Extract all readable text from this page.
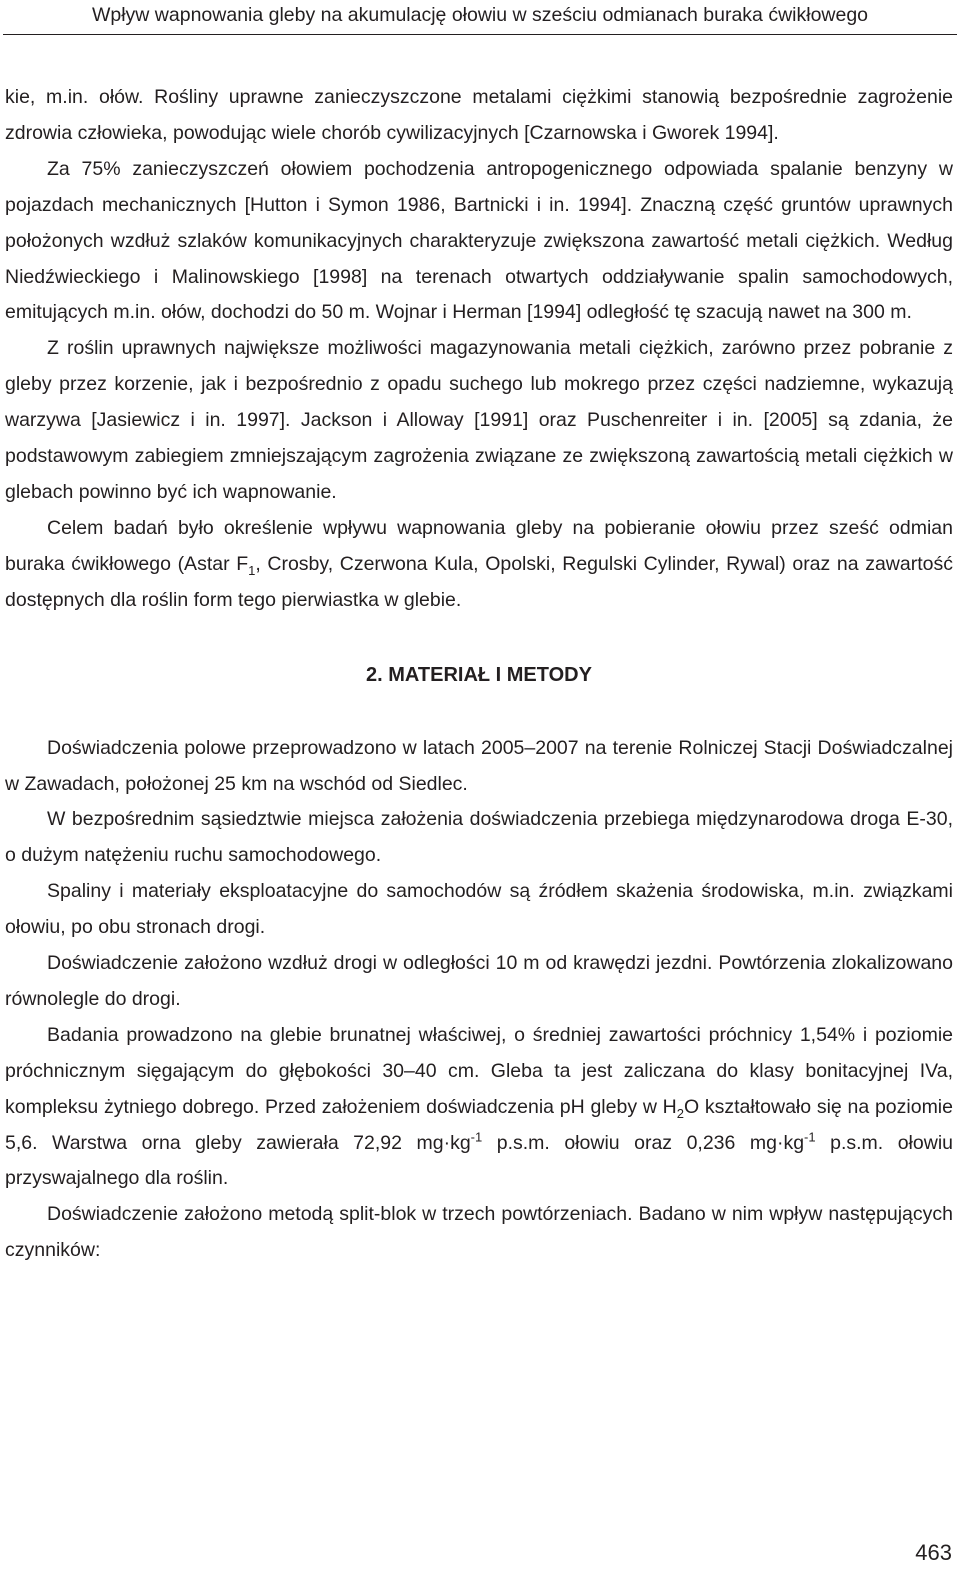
Wpływ wapnowania gleby na akumulację ołowiu w sześciu odmianach buraka ćwikłowego

kie, m.in. ołów. Rośliny uprawne zanieczyszczone metalami ciężkimi stanowią bezpośrednie zagrożenie zdrowia człowieka, powodując wiele chorób cywilizacyjnych [Czarnowska i Gworek 1994].

Za 75% zanieczyszczeń ołowiem pochodzenia antropogenicznego odpowiada spalanie benzyny w pojazdach mechanicznych [Hutton i Symon 1986, Bartnicki i in. 1994]. Znaczną część gruntów uprawnych położonych wzdłuż szlaków komunikacyjnych charakteryzuje zwiększona zawartość metali ciężkich. Według Niedźwieckiego i Malinowskiego [1998] na terenach otwartych oddziaływanie spalin samochodowych, emitujących m.in. ołów, dochodzi do 50 m. Wojnar i Herman [1994] odległość tę szacują nawet na 300 m.

Z roślin uprawnych największe możliwości magazynowania metali ciężkich, zarówno przez pobranie z gleby przez korzenie, jak i bezpośrednio z opadu suchego lub mokrego przez części nadziemne, wykazują warzywa [Jasiewicz i in. 1997]. Jackson i Alloway [1991] oraz Puschenreiter i in. [2005] są zdania, że podstawowym zabiegiem zmniejszającym zagrożenia związane ze zwiększoną zawartością metali ciężkich w glebach powinno być ich wapnowanie.

Celem badań było określenie wpływu wapnowania gleby na pobieranie ołowiu przez sześć odmian buraka ćwikłowego (Astar $F_1$, Crosby, Czerwona Kula, Opolski, Regulski Cylinder, Rywal) oraz na zawartość dostępnych dla roślin form tego pierwiastka w glebie.

2. MATERIAŁ I METODY

Doświadczenia polowe przeprowadzono w latach 2005–2007 na terenie Rolniczej Stacji Doświadczalnej w Zawadach, położonej 25 km na wschód od Siedlec.

W bezpośrednim sąsiedztwie miejsca założenia doświadczenia przebiega międzynarodowa droga E-30, o dużym natężeniu ruchu samochodowego.

Spaliny i materiały eksploatacyjne do samochodów są źródłem skażenia środowiska, m.in. związkami ołowiu, po obu stronach drogi.

Doświadczenie założono wzdłuż drogi w odległości 10 m od krawędzi jezdni. Powtórzenia zlokalizowano równolegle do drogi.

Badania prowadzono na glebie brunatnej właściwej, o średniej zawartości próchnicy 1,54% i poziomie próchnicznym sięgającym do głębokości 30–40 cm. Gleba ta jest zaliczana do klasy bonitacyjnej IVa, kompleksu żytniego dobrego. Przed założeniem doświadczenia pH gleby w $H_2O$ kształtowało się na poziomie 5,6. Warstwa orna gleby zawierała 72,92 $mg\cdot kg^{-1}$ p.s.m. ołowiu oraz 0,236 $mg\cdot kg^{-1}$ p.s.m. ołowiu przyswajalnego dla roślin.

Doświadczenie założono metodą split-blok w trzech powtórzeniach. Badano w nim wpływ następujących czynników:

463
